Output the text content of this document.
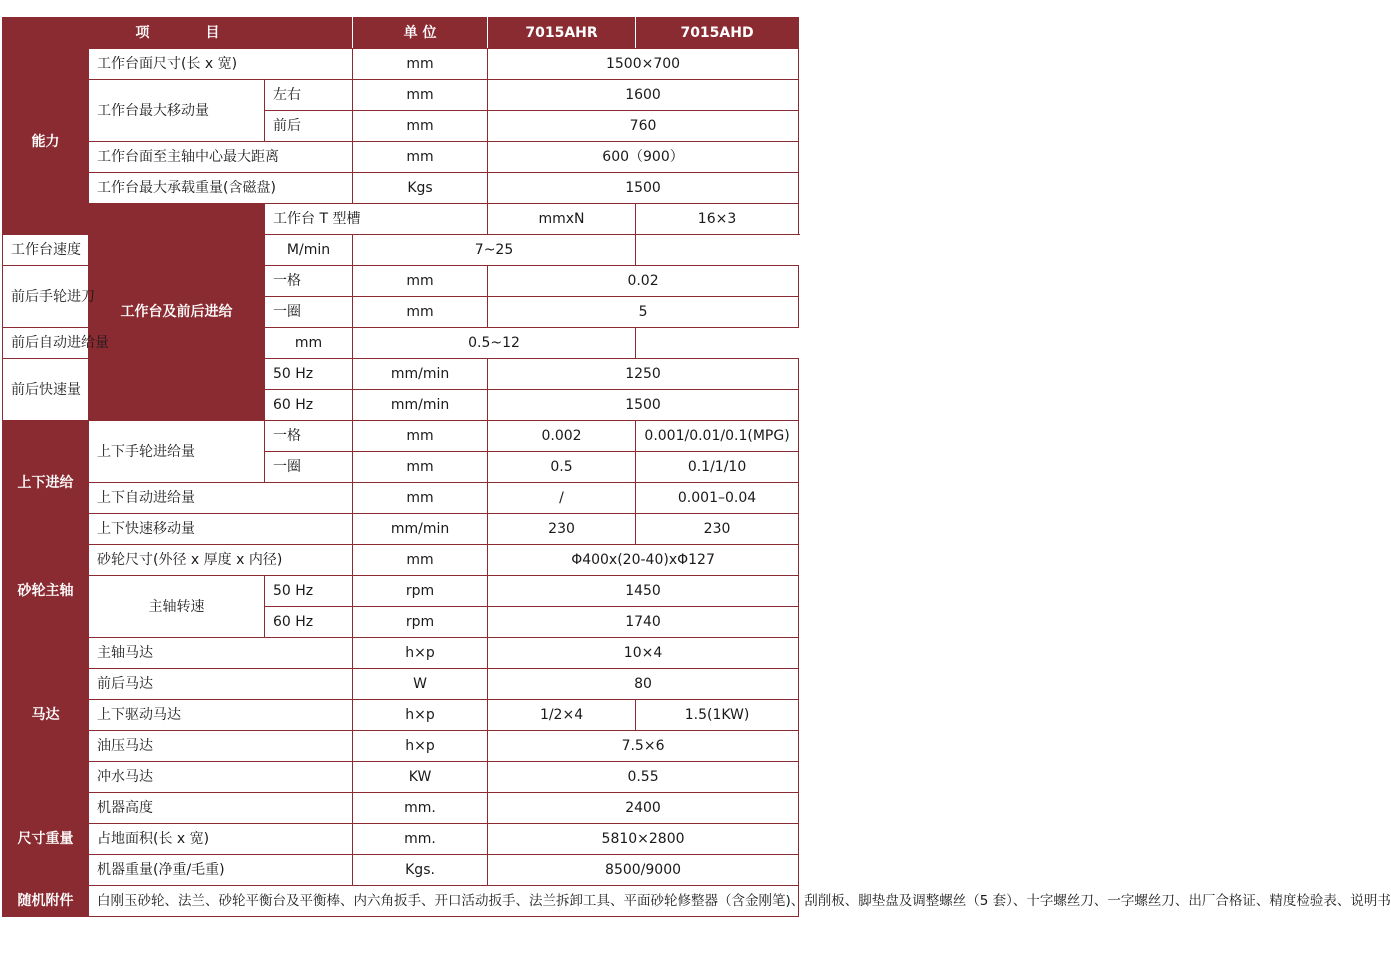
项　　　　目			单 位	7015AHR	7015AHD
能力	工作台面尺寸(长 x 宽)		mm	1500×700	
	工作台最大移动量	左右	mm	1600	
		前后	mm	760	
	工作台面至主轴中心最大距离		mm	600（900）	
	工作台最大承载重量(含磁盘)		Kgs	1500	
	工作台及前后进给	工作台 T 型槽		mmxN	16×3
工作台速度		M/min	7~25		
前后手轮进刀		一格	mm	0.02	
		一圈	mm	5	
前后自动进给量		mm	0.5~12		
前后快速量		50 Hz	mm/min	1250	
		60 Hz	mm/min	1500	
上下进给	上下手轮进给量	一格	mm	0.002	0.001/0.01/0.1(MPG)
		一圈	mm	0.5	0.1/1/10
	上下自动进给量		mm	/	0.001–0.04
	上下快速移动量		mm/min	230	230
砂轮主轴	砂轮尺寸(外径 x 厚度 x 内径)		mm	Φ400x(20-40)xΦ127	
	主轴转速	50 Hz	rpm	1450	
		60 Hz	rpm	1740	
马达	主轴马达		h×p	10×4	
	前后马达		W	80	
	上下驱动马达		h×p	1/2×4	1.5(1KW)
	油压马达		h×p	7.5×6	
	冲水马达		KW	0.55	
尺寸重量	机器高度		mm.	2400	
	占地面积(长 x 宽)		mm.	5810×2800	
	机器重量(净重/毛重)		Kgs.	8500/9000	
随机附件	白刚玉砂轮、法兰、砂轮平衡台及平衡棒、内六角扳手、开口活动扳手、法兰拆卸工具、平面砂轮修整器（含金刚笔)、刮削板、脚垫盘及调整螺丝（5 套）、十字螺丝刀、一字螺丝刀、出厂合格证、精度检验表、说明书				
